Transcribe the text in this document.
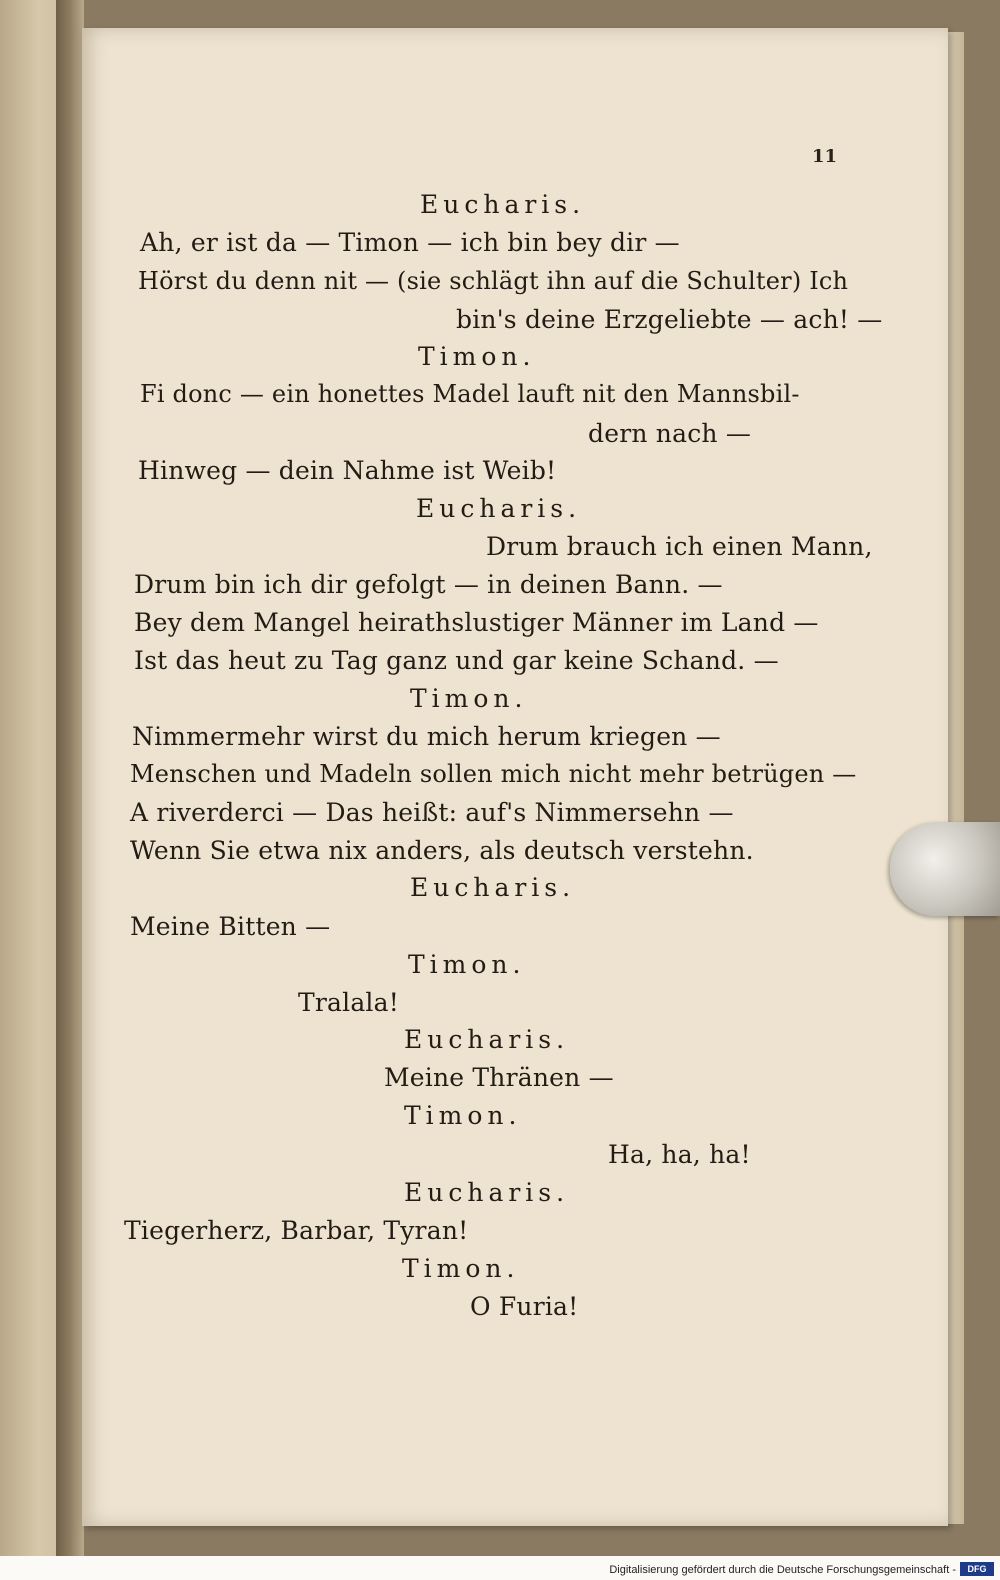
11
Eucharis.
Ah, er ist da — Timon — ich bin bey dir —
Hörst du denn nit — (sie schlägt ihn auf die Schulter) Ich
bin's deine Erzgeliebte — ach! —
Timon.
Fi donc — ein honettes Madel lauft nit den Mannsbil-
dern nach —
Hinweg — dein Nahme ist Weib!
Eucharis.
Drum brauch ich einen Mann,
Drum bin ich dir gefolgt — in deinen Bann. —
Bey dem Mangel heirathslustiger Männer im Land —
Ist das heut zu Tag ganz und gar keine Schand. —
Timon.
Nimmermehr wirst du mich herum kriegen —
Menschen und Madeln sollen mich nicht mehr betrügen —
A riverderci — Das heißt: auf's Nimmersehn —
Wenn Sie etwa nix anders, als deutsch verstehn.
Eucharis.
Meine Bitten —
Timon.
Tralala!
Eucharis.
Meine Thränen —
Timon.
Ha, ha, ha!
Eucharis.
Tiegerherz, Barbar, Tyran!
Timon.
O Furia!
Digitalisierung gefördert durch die Deutsche Forschungsgemeinschaft -	DFG
